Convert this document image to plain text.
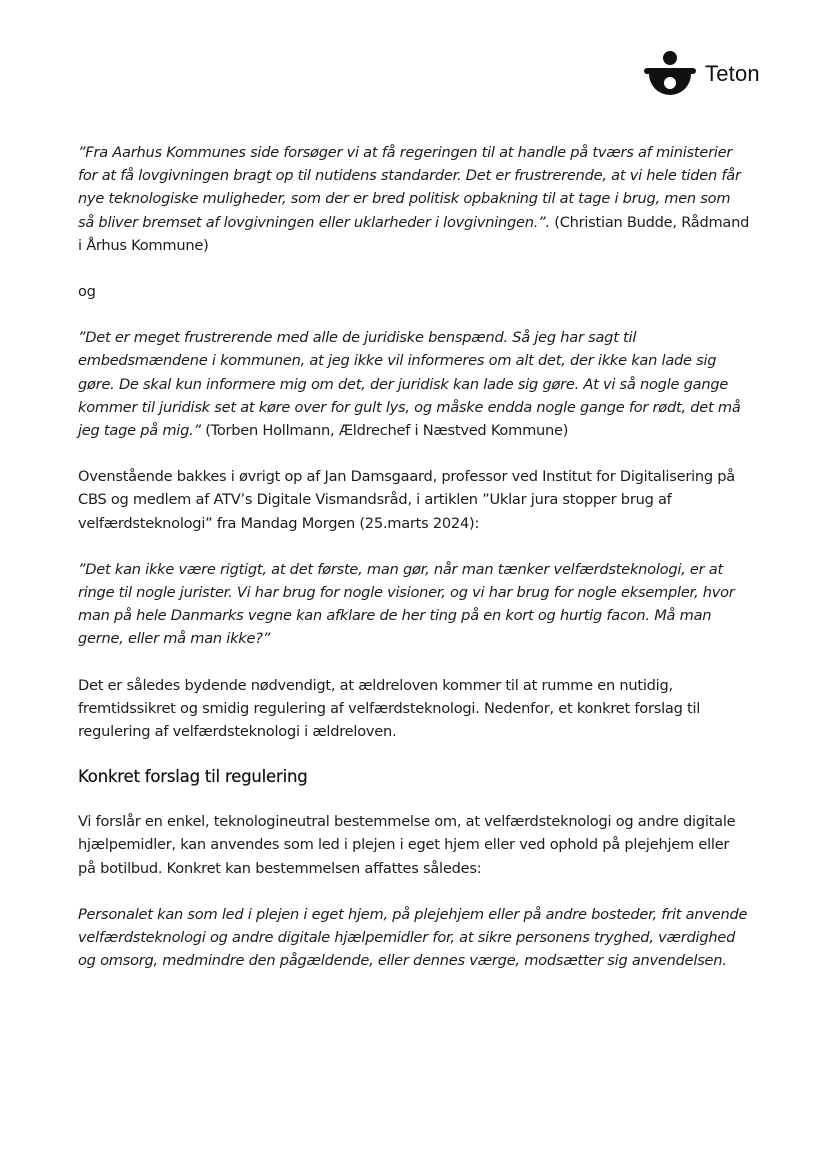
Teton

”Fra Aarhus Kommunes side forsøger vi at få regeringen til at handle på tværs af ministerier for at få lovgivningen bragt op til nutidens standarder. Det er frustrerende, at vi hele tiden får nye teknologiske muligheder, som der er bred politisk opbakning til at tage i brug, men som så bliver bremset af lovgivningen eller uklarheder i lovgivningen.”. (Christian Budde, Rådmand i Århus Kommune)

og

”Det er meget frustrerende med alle de juridiske benspænd. Så jeg har sagt til embedsmændene i kommunen, at jeg ikke vil informeres om alt det, der ikke kan lade sig gøre. De skal kun informere mig om det, der juridisk kan lade sig gøre. At vi så nogle gange kommer til juridisk set at køre over for gult lys, og måske endda nogle gange for rødt, det må jeg tage på mig.” (Torben Hollmann, Ældrechef i Næstved Kommune)

Ovenstående bakkes i øvrigt op af Jan Damsgaard, professor ved Institut for Digitalisering på CBS og medlem af ATV’s Digitale Vismandsråd, i artiklen ”Uklar jura stopper brug af velfærdsteknologi” fra Mandag Morgen (25.marts 2024):

”Det kan ikke være rigtigt, at det første, man gør, når man tænker velfærdsteknologi, er at ringe til nogle jurister. Vi har brug for nogle visioner, og vi har brug for nogle eksempler, hvor man på hele Danmarks vegne kan afklare de her ting på en kort og hurtig facon. Må man gerne, eller må man ikke?”

Det er således bydende nødvendigt, at ældreloven kommer til at rumme en nutidig, fremtidssikret og smidig regulering af velfærdsteknologi. Nedenfor, et konkret forslag til regulering af velfærdsteknologi i ældreloven.

Konkret forslag til regulering

Vi forslår en enkel, teknologineutral bestemmelse om, at velfærdsteknologi og andre digitale hjælpemidler, kan anvendes som led i plejen i eget hjem eller ved ophold på plejehjem eller på botilbud. Konkret kan bestemmelsen affattes således:

Personalet kan som led i plejen i eget hjem, på plejehjem eller på andre bosteder, frit anvende velfærdsteknologi og andre digitale hjælpemidler for, at sikre personens tryghed, værdighed og omsorg, medmindre den pågældende, eller dennes værge, modsætter sig anvendelsen.
